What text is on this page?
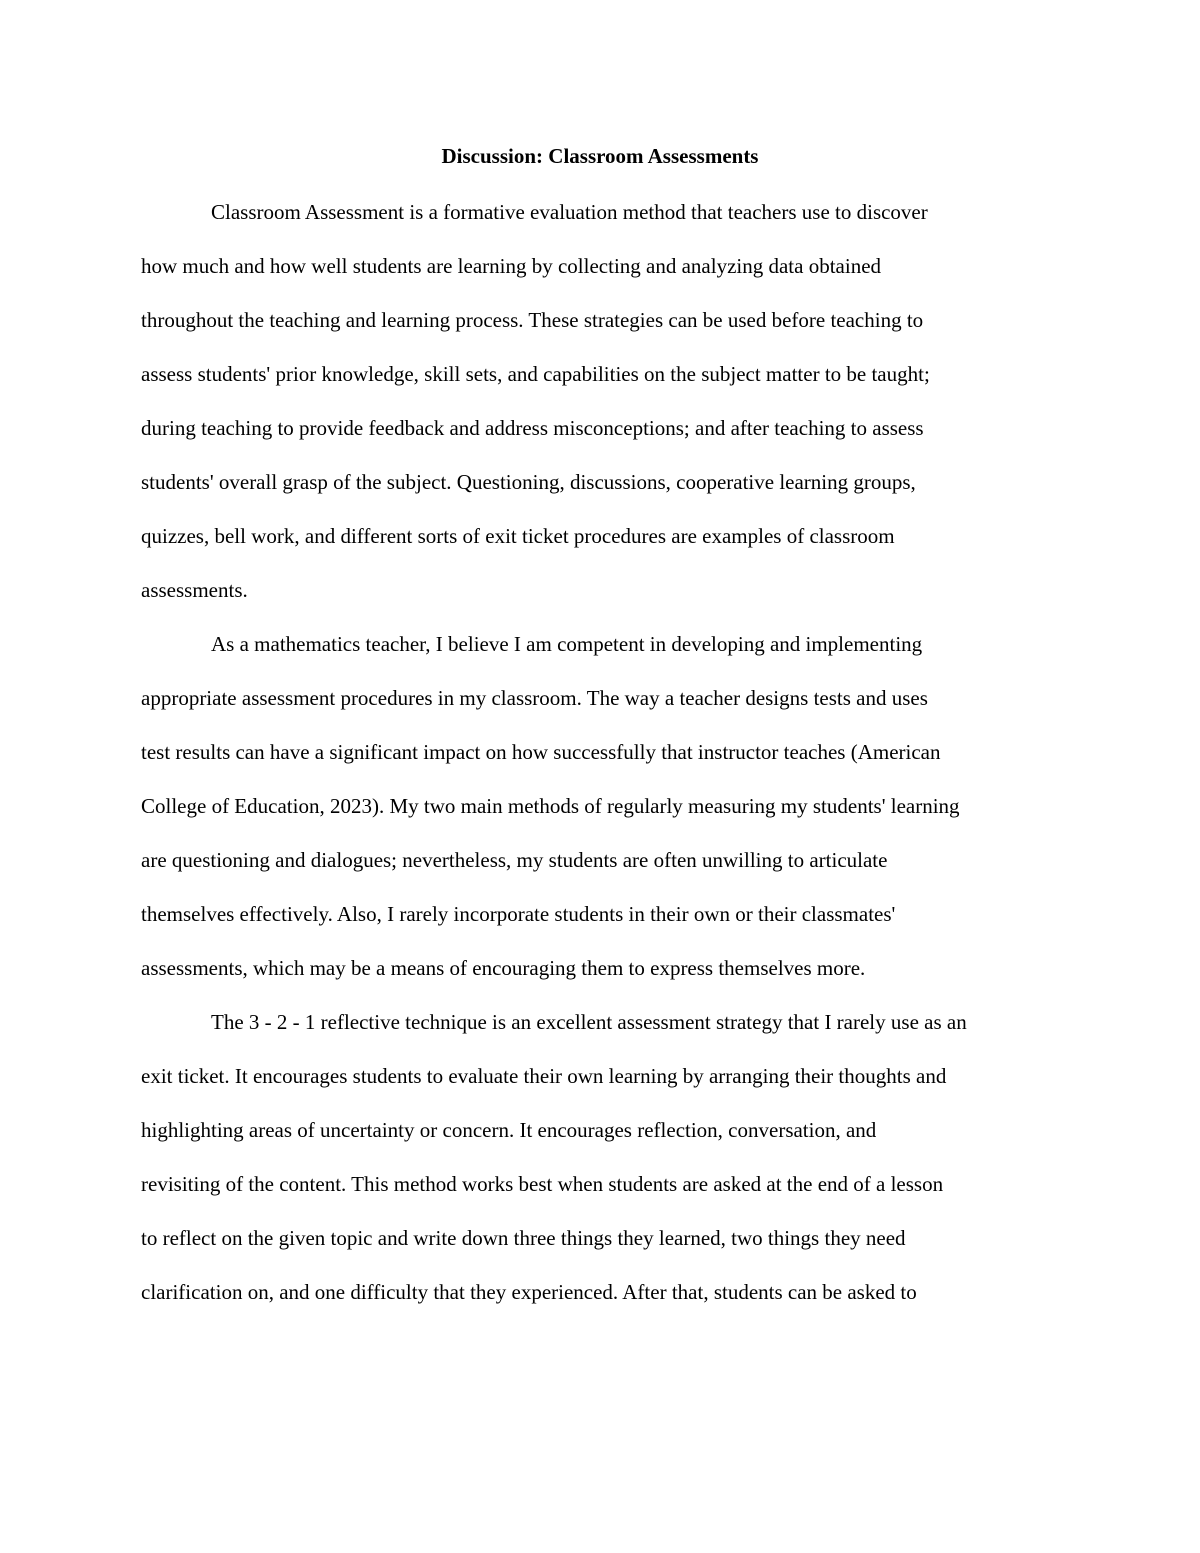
Discussion: Classroom Assessments
Classroom Assessment is a formative evaluation method that teachers use to discover
how much and how well students are learning by collecting and analyzing data obtained
throughout the teaching and learning process. These strategies can be used before teaching to
assess students' prior knowledge, skill sets, and capabilities on the subject matter to be taught;
during teaching to provide feedback and address misconceptions; and after teaching to assess
students' overall grasp of the subject. Questioning, discussions, cooperative learning groups,
quizzes, bell work, and different sorts of exit ticket procedures are examples of classroom
assessments.
As a mathematics teacher, I believe I am competent in developing and implementing
appropriate assessment procedures in my classroom. The way a teacher designs tests and uses
test results can have a significant impact on how successfully that instructor teaches (American
College of Education, 2023). My two main methods of regularly measuring my students' learning
are questioning and dialogues; nevertheless, my students are often unwilling to articulate
themselves effectively. Also, I rarely incorporate students in their own or their classmates'
assessments, which may be a means of encouraging them to express themselves more.
The 3 - 2 - 1 reflective technique is an excellent assessment strategy that I rarely use as an
exit ticket. It encourages students to evaluate their own learning by arranging their thoughts and
highlighting areas of uncertainty or concern. It encourages reflection, conversation, and
revisiting of the content. This method works best when students are asked at the end of a lesson
to reflect on the given topic and write down three things they learned, two things they need
clarification on, and one difficulty that they experienced. After that, students can be asked to
